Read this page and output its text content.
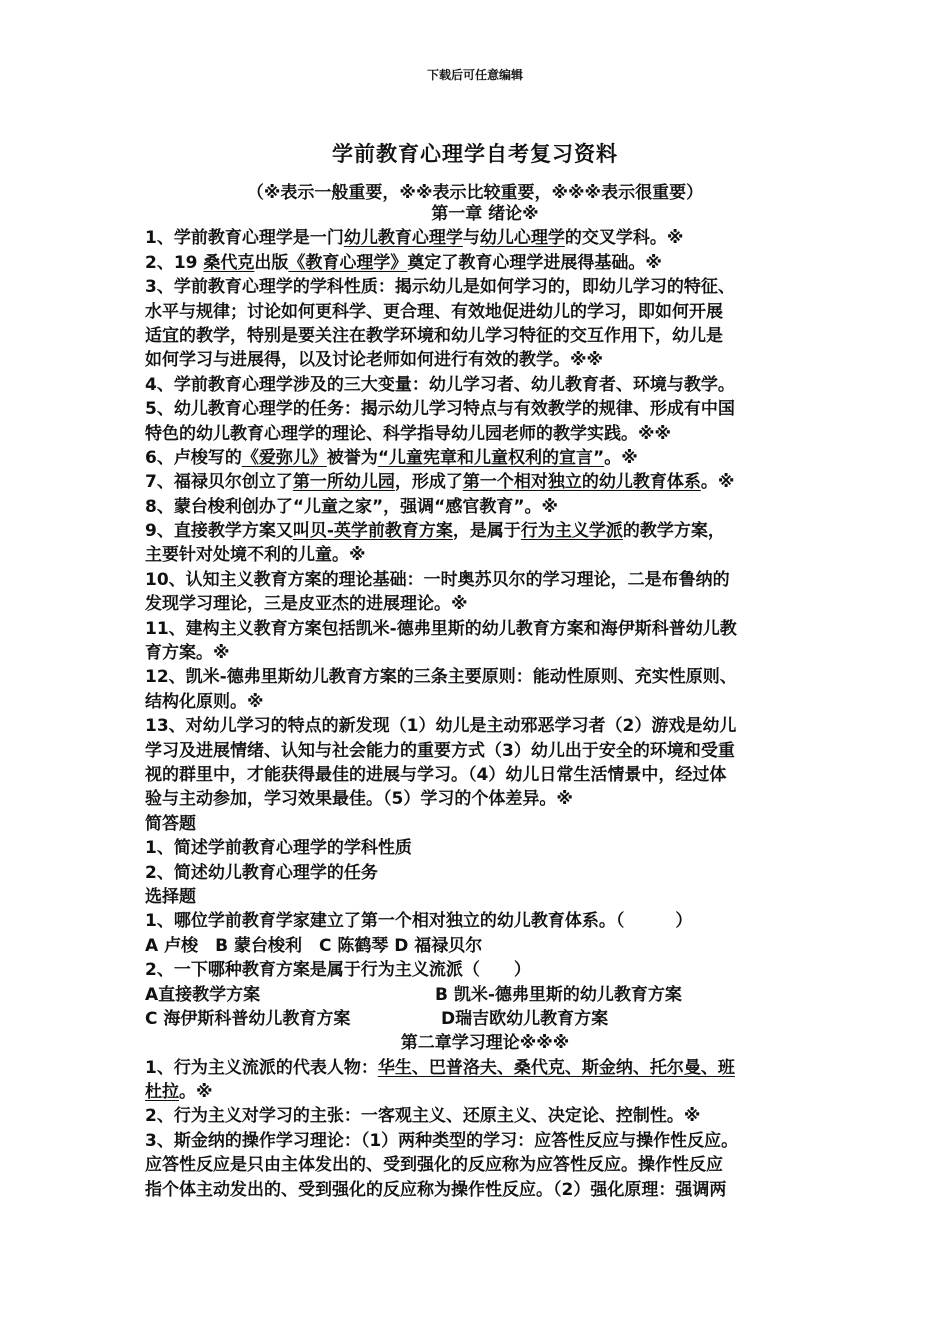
下载后可任意编辑
学前教育心理学自考复习资料
（※表示一般重要，※※表示比较重要，※※※表示很重要）
第一章 绪论※
1、学前教育心理学是一门幼儿教育心理学与幼儿心理学的交叉学科。※
2、19 桑代克出版《教育心理学》奠定了教育心理学进展得基础。※
3、学前教育心理学的学科性质：揭示幼儿是如何学习的，即幼儿学习的特征、
水平与规律；讨论如何更科学、更合理、有效地促进幼儿的学习，即如何开展
适宜的教学，特别是要关注在教学环境和幼儿学习特征的交互作用下，幼儿是
如何学习与进展得，以及讨论老师如何进行有效的教学。※※
4、学前教育心理学涉及的三大变量：幼儿学习者、幼儿教育者、环境与教学。
5、幼儿教育心理学的任务：揭示幼儿学习特点与有效教学的规律、形成有中国
特色的幼儿教育心理学的理论、科学指导幼儿园老师的教学实践。※※
6、卢梭写的《爱弥儿》被誉为“儿童宪章和儿童权利的宣言”。※
7、福禄贝尔创立了第一所幼儿园，形成了第一个相对独立的幼儿教育体系。※
8、蒙台梭利创办了“儿童之家”，强调“感官教育”。※
9、直接教学方案又叫贝-英学前教育方案，是属于行为主义学派的教学方案，
主要针对处境不利的儿童。※
10、认知主义教育方案的理论基础：一时奥苏贝尔的学习理论，二是布鲁纳的
发现学习理论，三是皮亚杰的进展理论。※
11、建构主义教育方案包括凯米-德弗里斯的幼儿教育方案和海伊斯科普幼儿教
育方案。※
12、凯米-德弗里斯幼儿教育方案的三条主要原则：能动性原则、充实性原则、
结构化原则。※
13、对幼儿学习的特点的新发现（1）幼儿是主动邪恶学习者（2）游戏是幼儿
学习及进展情绪、认知与社会能力的重要方式（3）幼儿出于安全的环境和受重
视的群里中，才能获得最佳的进展与学习。（4）幼儿日常生活情景中，经过体
验与主动参加，学习效果最佳。（5）学习的个体差异。※
简答题
1、简述学前教育心理学的学科性质
2、简述幼儿教育心理学的任务
选择题
1、哪位学前教育学家建立了第一个相对独立的幼儿教育体系。（　　　）
A 卢梭　B 蒙台梭利　C 陈鹤琴 D 福禄贝尔
2、一下哪种教育方案是属于行为主义流派（　　）
A直接教学方案	B 凯米-德弗里斯的幼儿教育方案
C 海伊斯科普幼儿教育方案	D瑞吉欧幼儿教育方案
第二章学习理论※※※
1、行为主义流派的代表人物：华生、巴普洛夫、桑代克、斯金纳、托尔曼、班
杜拉。※
2、行为主义对学习的主张：一客观主义、还原主义、决定论、控制性。※
3、斯金纳的操作学习理论：（1）两种类型的学习：应答性反应与操作性反应。
应答性反应是只由主体发出的、受到强化的反应称为应答性反应。操作性反应
指个体主动发出的、受到强化的反应称为操作性反应。（2）强化原理：强调两
